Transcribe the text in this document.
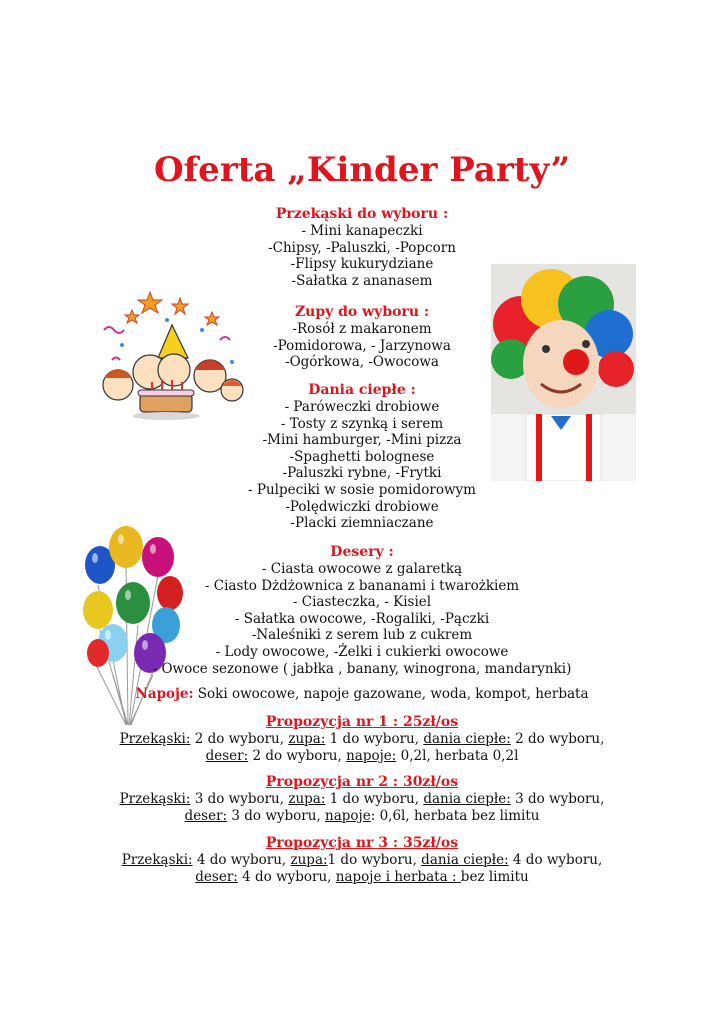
Oferta „Kinder Party”
Przekąski do wyboru :
- Mini kanapeczki
-Chipsy, -Paluszki, -Popcorn
-Flipsy kukurydziane
-Sałatka z ananasem
Zupy do wyboru :
-Rosół z makaronem
-Pomidorowa, - Jarzynowa
-Ogórkowa, -Owocowa
Dania ciepłe :
- Paróweczki drobiowe
- Tosty z szynką i serem
-Mini hamburger, -Mini pizza
-Spaghetti bolognese
-Paluszki rybne, -Frytki
- Pulpeciki w sosie pomidorowym
-Polędwiczki drobiowe
-Placki ziemniaczane
Desery :
- Ciasta owocowe z galaretką
- Ciasto Dżdżownica z bananami i twarożkiem
- Ciasteczka, - Kisiel
- Sałatka owocowe, -Rogaliki, -Pączki
-Naleśniki z serem lub z cukrem
- Lody owocowe, -Żelki i cukierki owocowe
- Owoce sezonowe ( jabłka , banany, winogrona, mandarynki)
Napoje: Soki owocowe, napoje gazowane, woda, kompot, herbata
Propozycja nr 1 : 25zł/os
Przekąski: 2 do wyboru, zupa: 1 do wyboru, dania ciepłe: 2 do wyboru,
deser: 2 do wyboru, napoje: 0,2l, herbata 0,2l
Propozycja nr 2 : 30zł/os
Przekąski: 3 do wyboru, zupa: 1 do wyboru, dania ciepłe: 3 do wyboru,
deser: 3 do wyboru, napoje: 0,6l, herbata bez limitu
Propozycja nr 3 : 35zł/os
Przekąski: 4 do wyboru, zupa:1 do wyboru, dania ciepłe: 4 do wyboru,
deser: 4 do wyboru, napoje i herbata : bez limitu
